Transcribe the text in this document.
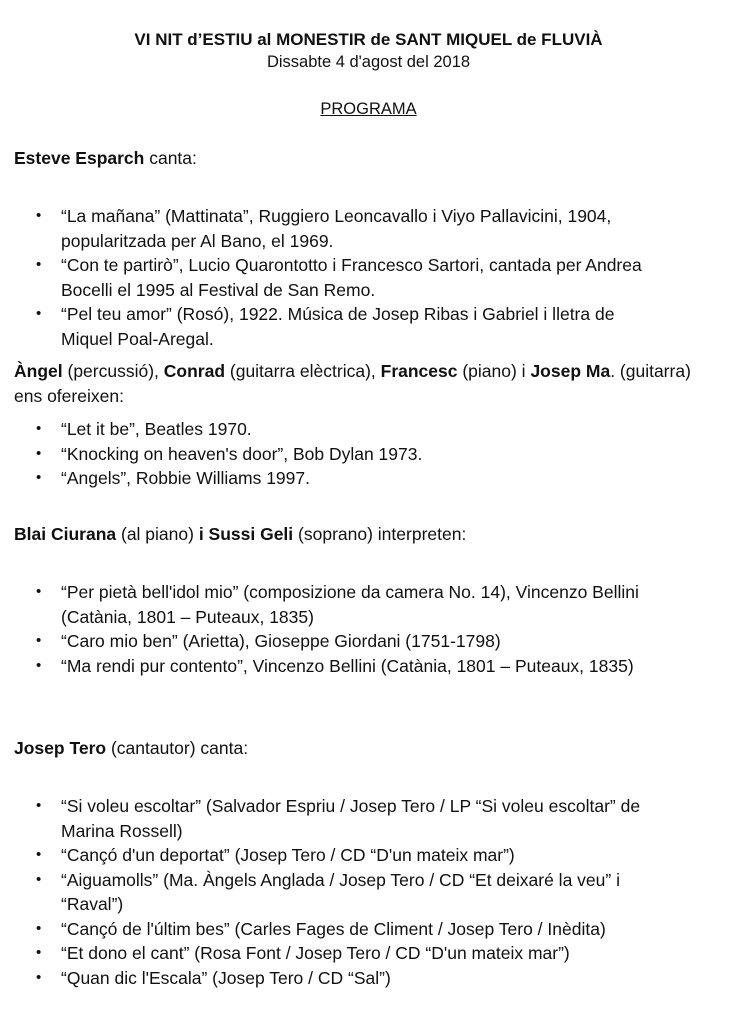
VI NIT d’ESTIU al MONESTIR de SANT MIQUEL de FLUVIÀ
Dissabte 4 d'agost del 2018
PROGRAMA

Esteve Esparch canta:

• “La mañana” (Mattinata”, Ruggiero Leoncavallo i Viyo Pallavicini, 1904, popularitzada per Al Bano, el 1969.
• “Con te partirò”, Lucio Quarontotto i Francesco Sartori, cantada per Andrea Bocelli el 1995 al Festival de San Remo.
• “Pel teu amor” (Rosó), 1922. Música de Josep Ribas i Gabriel i lletra de Miquel Poal-Aregal.

Àngel (percussió), Conrad (guitarra elèctrica), Francesc (piano) i Josep Ma. (guitarra) ens ofereixen:

• “Let it be”, Beatles 1970.
• “Knocking on heaven's door”, Bob Dylan 1973.
• “Angels”, Robbie Williams 1997.

Blai Ciurana (al piano) i Sussi Geli (soprano) interpreten:

• “Per pietà bell'idol mio” (composizione da camera No. 14), Vincenzo Bellini (Catània, 1801 – Puteaux, 1835)
• “Caro mio ben” (Arietta), Gioseppe Giordani (1751-1798)
• “Ma rendi pur contento”, Vincenzo Bellini (Catània, 1801 – Puteaux, 1835)

Josep Tero (cantautor) canta:

• “Si voleu escoltar” (Salvador Espriu / Josep Tero / LP “Si voleu escoltar” de Marina Rossell)
• “Cançó d'un deportat” (Josep Tero / CD “D'un mateix mar”)
• “Aiguamolls” (Ma. Àngels Anglada / Josep Tero / CD “Et deixaré la veu” i “Raval”)
• “Cançó de l'últim bes” (Carles Fages de Climent / Josep Tero / Inèdita)
• “Et dono el cant” (Rosa Font / Josep Tero / CD “D'un mateix mar”)
• “Quan dic l'Escala” (Josep Tero / CD “Sal”)
